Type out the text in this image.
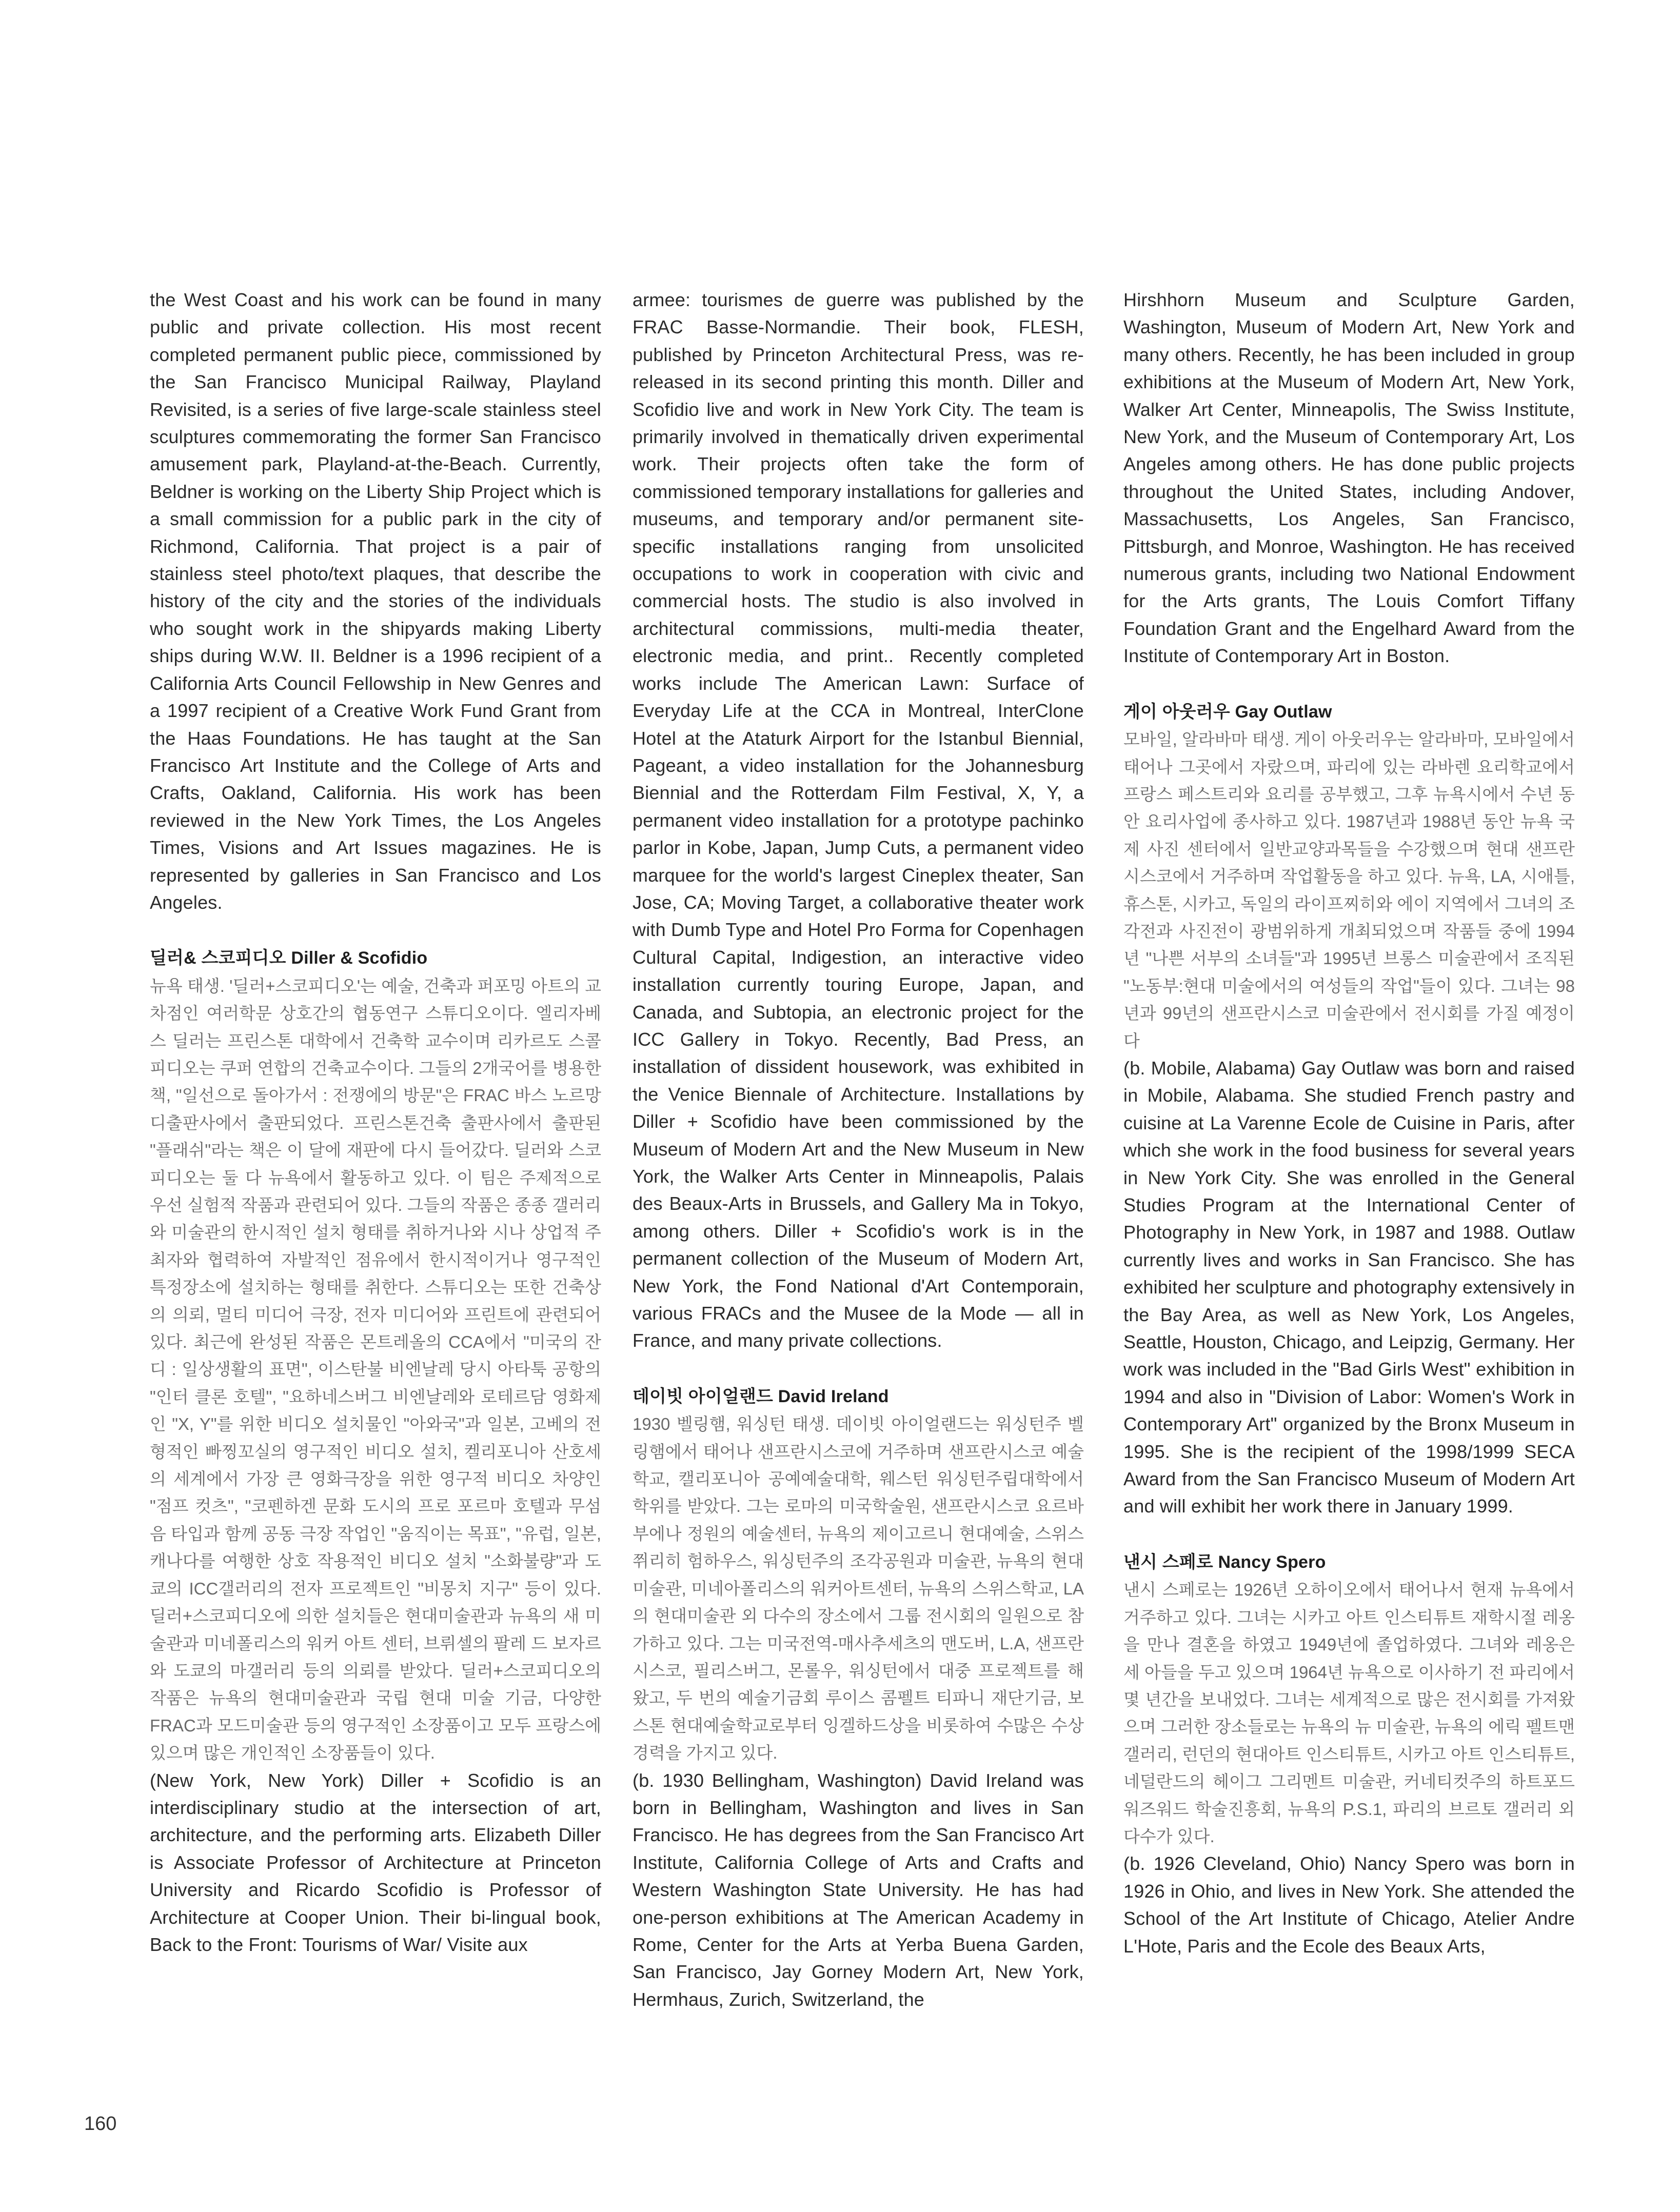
the West Coast and his work can be found in many public and private collection. His most recent completed permanent public piece, commissioned by the San Francisco Municipal Railway, Playland Revisited, is a series of five large-scale stainless steel sculptures commemorating the former San Francisco amusement park, Playland-at-the-Beach. Currently, Beldner is working on the Liberty Ship Project which is a small commission for a public park in the city of Richmond, California. That project is a pair of stainless steel photo/text plaques, that describe the history of the city and the stories of the individuals who sought work in the shipyards making Liberty ships during W.W. II. Beldner is a 1996 recipient of a California Arts Council Fellowship in New Genres and a 1997 recipient of a Creative Work Fund Grant from the Haas Foundations. He has taught at the San Francisco Art Institute and the College of Arts and Crafts, Oakland, California. His work has been reviewed in the New York Times, the Los Angeles Times, Visions and Art Issues magazines. He is represented by galleries in San Francisco and Los Angeles.

딜러& 스코피디오 Diller & Scofidio

뉴욕 태생. '딜러+스코피디오'는 예술, 건축과 퍼포밍 아트의 교차점인 여러학문 상호간의 협동연구 스튜디오이다. 엘리자베스 딜러는 프린스톤 대학에서 건축학 교수이며 리카르도 스콜피디오는 쿠퍼 연합의 건축교수이다. 그들의 2개국어를 병용한 책, "일선으로 돌아가서 : 전쟁에의 방문"은 FRAC 바스 노르망디출판사에서 출판되었다. 프린스톤건축 출판사에서 출판된 "플래쉬"라는 책은 이 달에 재판에 다시 들어갔다. 딜러와 스코피디오는 둘 다 뉴욕에서 활동하고 있다. 이 팀은 주제적으로 우선 실험적 작품과 관련되어 있다. 그들의 작품은 종종 갤러리와 미술관의 한시적인 설치 형태를 취하거나와 시나 상업적 주최자와 협력하여 자발적인 점유에서 한시적이거나 영구적인 특정장소에 설치하는 형태를 취한다. 스튜디오는 또한 건축상의 의뢰, 멀티 미디어 극장, 전자 미디어와 프린트에 관련되어 있다. 최근에 완성된 작품은 몬트레올의 CCA에서 "미국의 잔디 : 일상생활의 표면", 이스탄불 비엔날레 당시 아타툭 공항의 "인터 클론 호텔", "요하네스버그 비엔날레와 로테르담 영화제인 "X, Y"를 위한 비디오 설치물인 "아와국"과 일본, 고베의 전형적인 빠찡꼬실의 영구적인 비디오 설치, 켈리포니아 산호세의 세계에서 가장 큰 영화극장을 위한 영구적 비디오 차양인 "점프 컷츠", "코펜하겐 문화 도시의 프로 포르마 호텔과 무섬음 타입과 함께 공동 극장 작업인 "움직이는 목표", "유럽, 일본, 캐나다를 여행한 상호 작용적인 비디오 설치 "소화불량"과 도쿄의 ICC갤러리의 전자 프로젝트인 "비몽치 지구" 등이 있다. 딜러+스코피디오에 의한 설치들은 현대미술관과 뉴욕의 새 미술관과 미네폴리스의 워커 아트 센터, 브뤼셀의 팔레 드 보자르와 도쿄의 마갤러리 등의 의뢰를 받았다. 딜러+스코피디오의 작품은 뉴욕의 현대미술관과 국립 현대 미술 기금, 다양한 FRAC과 모드미술관 등의 영구적인 소장품이고 모두 프랑스에 있으며 많은 개인적인 소장품들이 있다.

(New York, New York) Diller + Scofidio is an interdisciplinary studio at the intersection of art, architecture, and the performing arts. Elizabeth Diller is Associate Professor of Architecture at Princeton University and Ricardo Scofidio is Professor of Architecture at Cooper Union. Their bi-lingual book, Back to the Front: Tourisms of War/ Visite aux

armee: tourismes de guerre was published by the FRAC Basse-Normandie. Their book, FLESH, published by Princeton Architectural Press, was re-released in its second printing this month. Diller and Scofidio live and work in New York City. The team is primarily involved in thematically driven experimental work. Their projects often take the form of commissioned temporary installations for galleries and museums, and temporary and/or permanent site-specific installations ranging from unsolicited occupations to work in cooperation with civic and commercial hosts. The studio is also involved in architectural commissions, multi-media theater, electronic media, and print.. Recently completed works include The American Lawn: Surface of Everyday Life at the CCA in Montreal, InterClone Hotel at the Ataturk Airport for the Istanbul Biennial, Pageant, a video installation for the Johannesburg Biennial and the Rotterdam Film Festival, X, Y, a permanent video installation for a prototype pachinko parlor in Kobe, Japan, Jump Cuts, a permanent video marquee for the world's largest Cineplex theater, San Jose, CA; Moving Target, a collaborative theater work with Dumb Type and Hotel Pro Forma for Copenhagen Cultural Capital, Indigestion, an interactive video installation currently touring Europe, Japan, and Canada, and Subtopia, an electronic project for the ICC Gallery in Tokyo. Recently, Bad Press, an installation of dissident housework, was exhibited in the Venice Biennale of Architecture. Installations by Diller + Scofidio have been commissioned by the Museum of Modern Art and the New Museum in New York, the Walker Arts Center in Minneapolis, Palais des Beaux-Arts in Brussels, and Gallery Ma in Tokyo, among others. Diller + Scofidio's work is in the permanent collection of the Museum of Modern Art, New York, the Fond National d'Art Contemporain, various FRACs and the Musee de la Mode — all in France, and many private collections.

데이빗 아이얼랜드 David Ireland

1930 벨링햄, 워싱턴 태생. 데이빗 아이얼랜드는 워싱턴주 벨링햄에서 태어나 샌프란시스코에 거주하며 샌프란시스코 예술학교, 캘리포니아 공예예술대학, 웨스턴 워싱턴주립대학에서 학위를 받았다. 그는 로마의 미국학술원, 샌프란시스코 요르바부에나 정원의 예술센터, 뉴욕의 제이고르니 현대예술, 스위스 쮜리히 험하우스, 워싱턴주의 조각공원과 미술관, 뉴욕의 현대미술관, 미네아폴리스의 워커아트센터, 뉴욕의 스위스학교, LA의 현대미술관 외 다수의 장소에서 그룹 전시회의 일원으로 참가하고 있다. 그는 미국전역-매사추세츠의 맨도버, L.A, 샌프란시스코, 필리스버그, 몬롤우, 워싱턴에서 대중 프로젝트를 해 왔고, 두 번의 예술기금회 루이스 콤펠트 티파니 재단기금, 보스톤 현대예술학교로부터 잉겔하드상을 비롯하여 수많은 수상경력을 가지고 있다.

(b. 1930 Bellingham, Washington) David Ireland was born in Bellingham, Washington and lives in San Francisco. He has degrees from the San Francisco Art Institute, California College of Arts and Crafts and Western Washington State University. He has had one-person exhibitions at The American Academy in Rome, Center for the Arts at Yerba Buena Garden, San Francisco, Jay Gorney Modern Art, New York, Hermhaus, Zurich, Switzerland, the

Hirshhorn Museum and Sculpture Garden, Washington, Museum of Modern Art, New York and many others. Recently, he has been included in group exhibitions at the Museum of Modern Art, New York, Walker Art Center, Minneapolis, The Swiss Institute, New York, and the Museum of Contemporary Art, Los Angeles among others. He has done public projects throughout the United States, including Andover, Massachusetts, Los Angeles, San Francisco, Pittsburgh, and Monroe, Washington. He has received numerous grants, including two National Endowment for the Arts grants, The Louis Comfort Tiffany Foundation Grant and the Engelhard Award from the Institute of Contemporary Art in Boston.

게이 아웃러우 Gay Outlaw

모바일, 알라바마 태생. 게이 아웃러우는 알라바마, 모바일에서 태어나 그곳에서 자랐으며, 파리에 있는 라바렌 요리학교에서 프랑스 페스트리와 요리를 공부했고, 그후 뉴욕시에서 수년 동안 요리사업에 종사하고 있다. 1987년과 1988년 동안 뉴욕 국제 사진 센터에서 일반교양과목들을 수강했으며 현대 샌프란시스코에서 거주하며 작업활동을 하고 있다. 뉴욕, LA, 시애틀, 휴스톤, 시카고, 독일의 라이프찌히와 에이 지역에서 그녀의 조각전과 사진전이 광범위하게 개최되었으며 작품들 중에 1994년 "나쁜 서부의 소녀들"과 1995년 브롱스 미술관에서 조직된 "노동부:현대 미술에서의 여성들의 작업"들이 있다. 그녀는 98년과 99년의 샌프란시스코 미술관에서 전시회를 가질 예정이다

(b. Mobile, Alabama) Gay Outlaw was born and raised in Mobile, Alabama. She studied French pastry and cuisine at La Varenne Ecole de Cuisine in Paris, after which she work in the food business for several years in New York City. She was enrolled in the General Studies Program at the International Center of Photography in New York, in 1987 and 1988. Outlaw currently lives and works in San Francisco. She has exhibited her sculpture and photography extensively in the Bay Area, as well as New York, Los Angeles, Seattle, Houston, Chicago, and Leipzig, Germany. Her work was included in the "Bad Girls West" exhibition in 1994 and also in "Division of Labor: Women's Work in Contemporary Art" organized by the Bronx Museum in 1995. She is the recipient of the 1998/1999 SECA Award from the San Francisco Museum of Modern Art and will exhibit her work there in January 1999.

낸시 스페로 Nancy Spero

낸시 스페로는 1926년 오하이오에서 태어나서 현재 뉴욕에서 거주하고 있다. 그녀는 시카고 아트 인스티튜트 재학시절 레옹을 만나 결혼을 하였고 1949년에 졸업하였다. 그녀와 레옹은 세 아들을 두고 있으며 1964년 뉴욕으로 이사하기 전 파리에서 몇 년간을 보내었다. 그녀는 세계적으로 많은 전시회를 가져왔으며 그러한 장소들로는 뉴욕의 뉴 미술관, 뉴욕의 에릭 펠트맨 갤러리, 런던의 현대아트 인스티튜트, 시카고 아트 인스티튜트, 네덜란드의 헤이그 그리멘트 미술관, 커네티컷주의 하트포드 워즈워드 학술진흥회, 뉴욕의 P.S.1, 파리의 브르토 갤러리 외 다수가 있다.

(b. 1926 Cleveland, Ohio) Nancy Spero was born in 1926 in Ohio, and lives in New York. She attended the School of the Art Institute of Chicago, Atelier Andre L'Hote, Paris and the Ecole des Beaux Arts,

160
